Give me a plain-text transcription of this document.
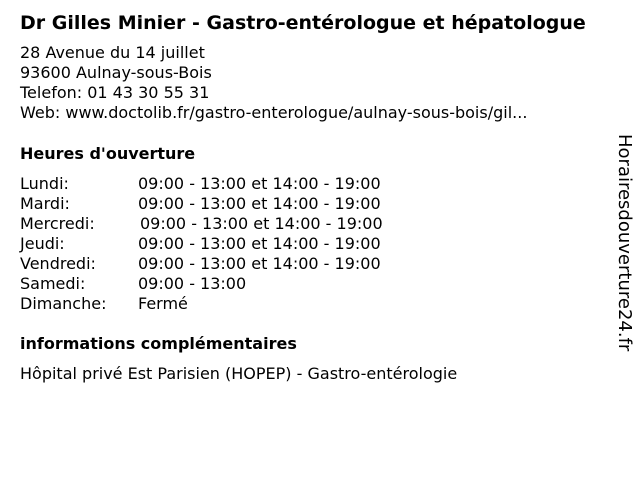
Dr Gilles Minier - Gastro-entérologue et hépatologue
28 Avenue du 14 juillet
93600 Aulnay-sous-Bois
Telefon: 01 43 30 55 31
Web: www.doctolib.fr/gastro-enterologue/aulnay-sous-bois/gil...
Heures d'ouverture
Lundi:	09:00 - 13:00 et 14:00 - 19:00
Mardi:	09:00 - 13:00 et 14:00 - 19:00
Mercredi:	09:00 - 13:00 et 14:00 - 19:00
Jeudi:	09:00 - 13:00 et 14:00 - 19:00
Vendredi:	09:00 - 13:00 et 14:00 - 19:00
Samedi:	09:00 - 13:00
Dimanche:	Fermé
informations complémentaires
Hôpital privé Est Parisien (HOPEP) - Gastro-entérologie
Horairesdouverture24.fr
